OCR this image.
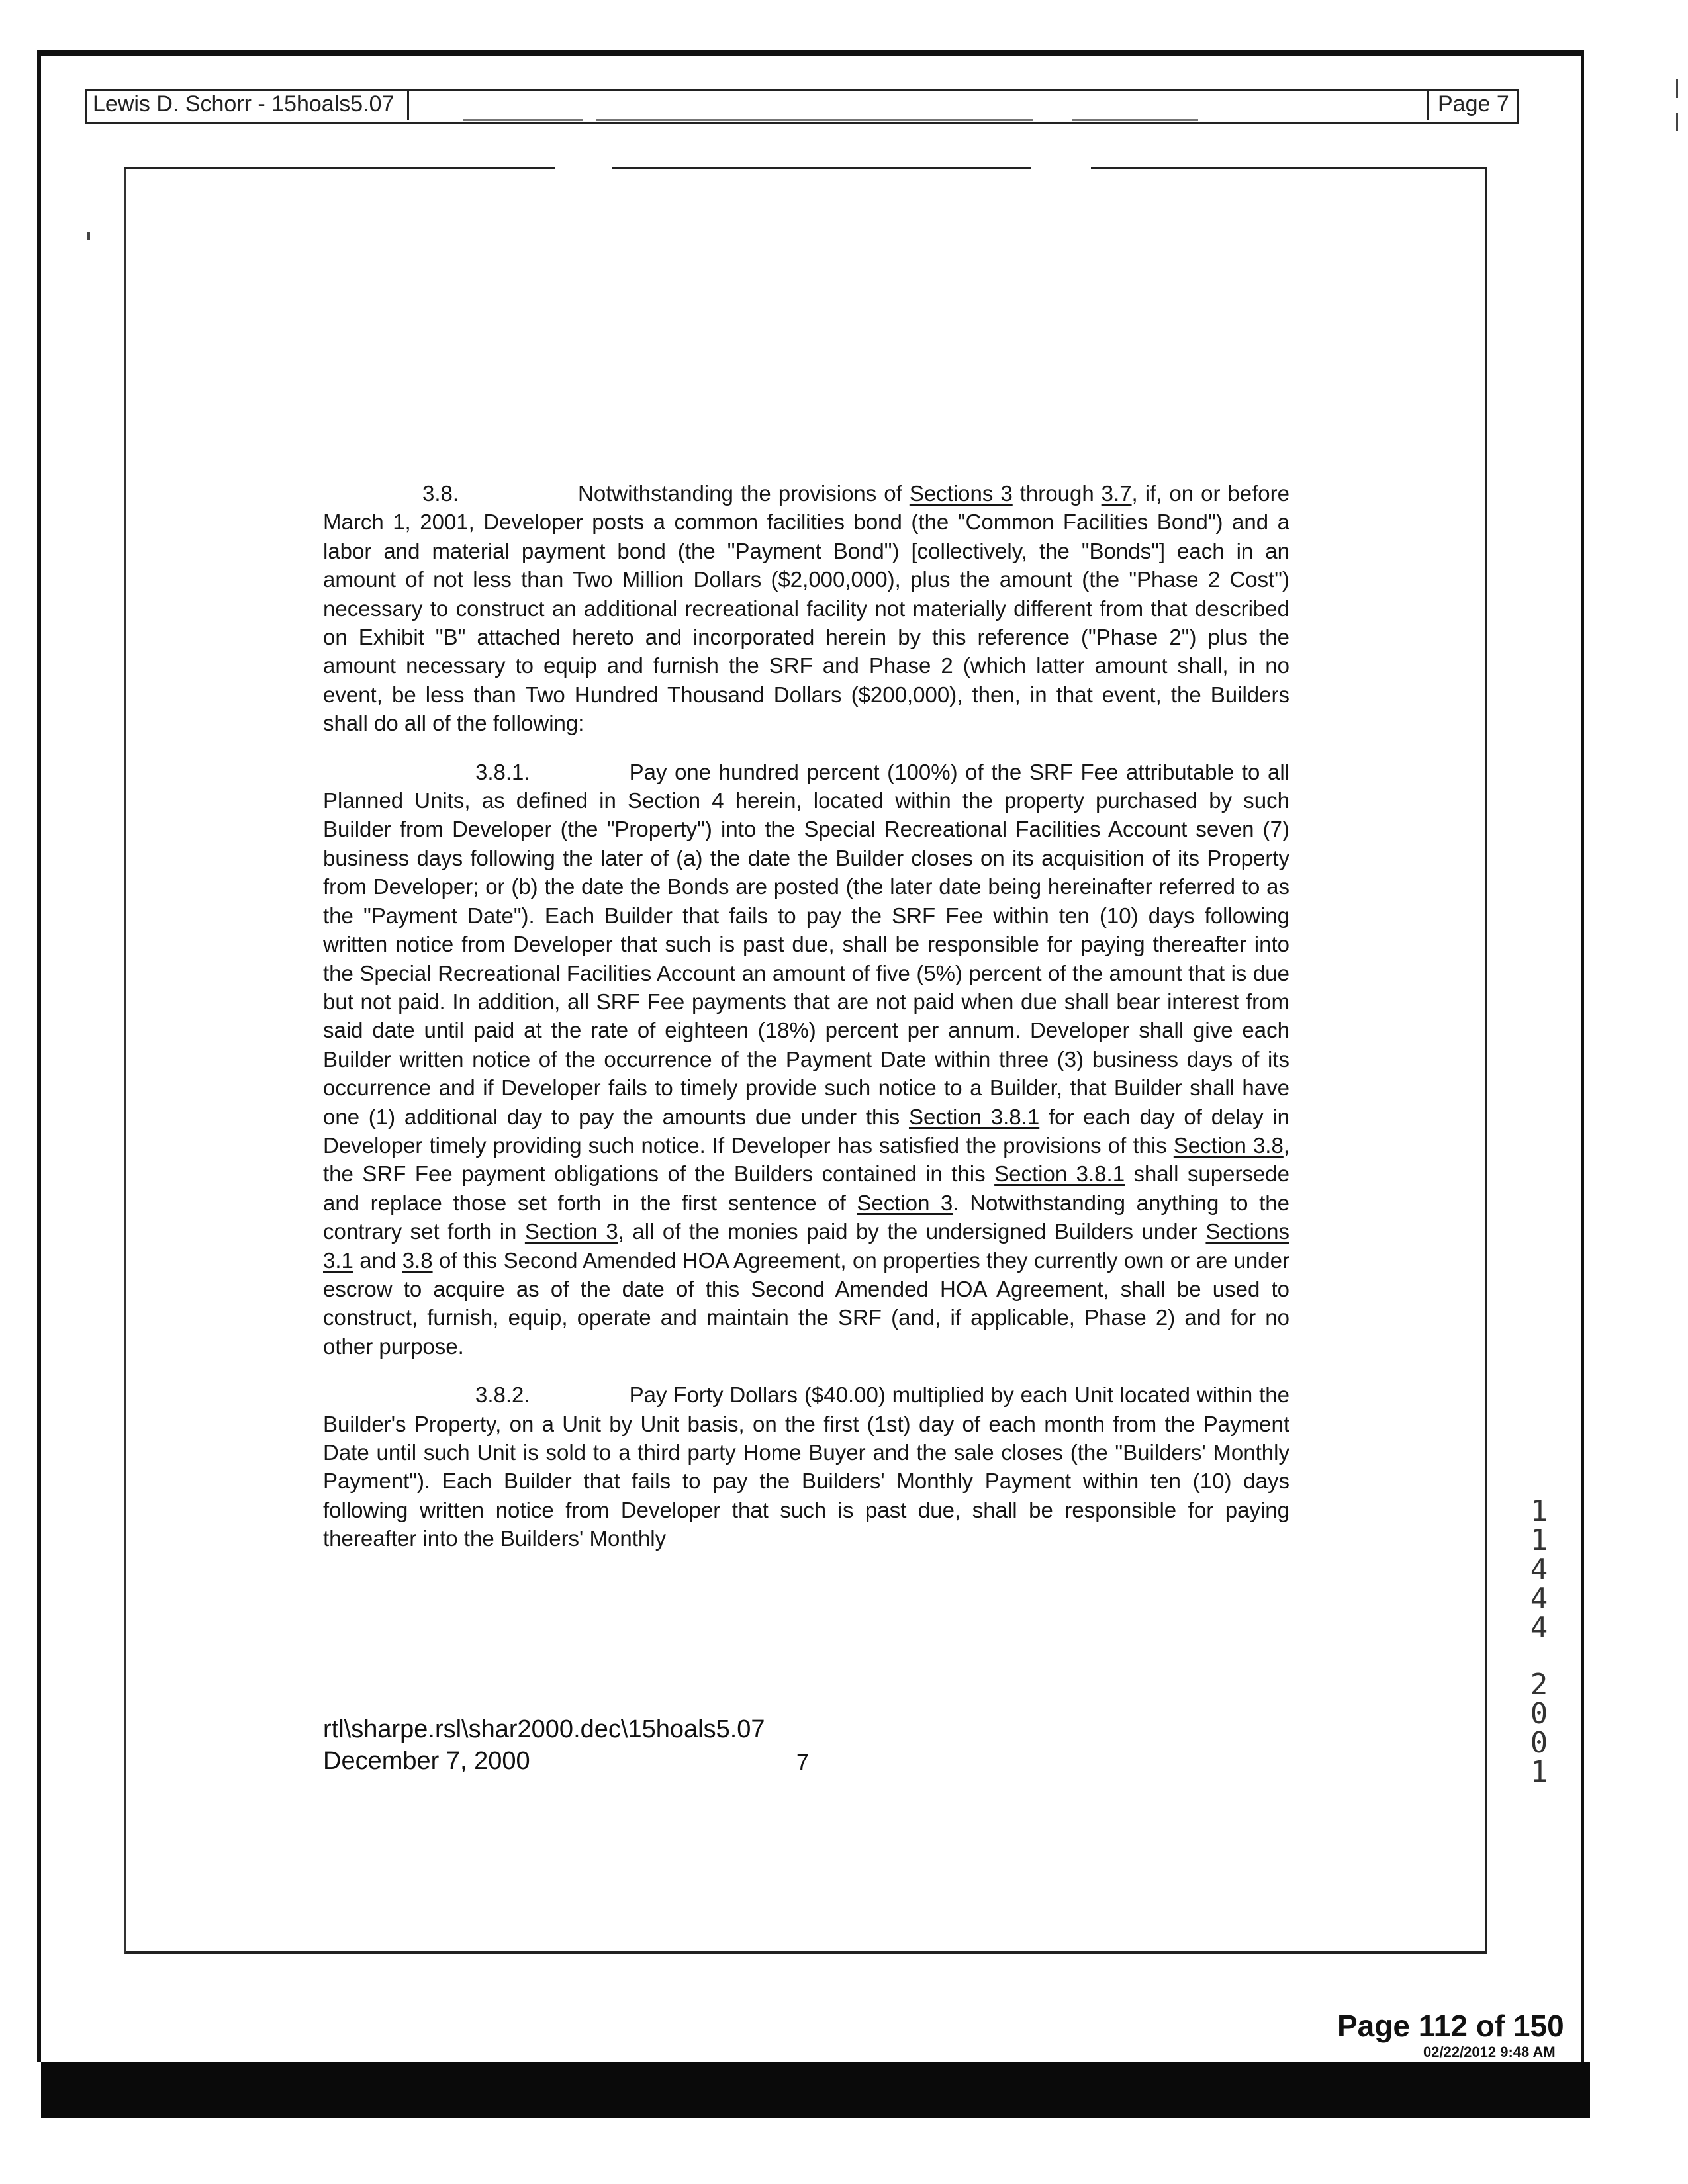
Lewis D. Schorr - 15hoals5.07	Page 7

3.8.	Notwithstanding the provisions of Sections 3 through 3.7, if, on or before March 1, 2001, Developer posts a common facilities bond (the "Common Facilities Bond") and a labor and material payment bond (the "Payment Bond") [collectively, the "Bonds"] each in an amount of not less than Two Million Dollars ($2,000,000), plus the amount (the "Phase 2 Cost") necessary to construct an additional recreational facility not materially different from that described on Exhibit "B" attached hereto and incorporated herein by this reference ("Phase 2") plus the amount necessary to equip and furnish the SRF and Phase 2 (which latter amount shall, in no event, be less than Two Hundred Thousand Dollars ($200,000), then, in that event, the Builders shall do all of the following:

3.8.1.	Pay one hundred percent (100%) of the SRF Fee attributable to all Planned Units, as defined in Section 4 herein, located within the property purchased by such Builder from Developer (the "Property") into the Special Recreational Facilities Account seven (7) business days following the later of (a) the date the Builder closes on its acquisition of its Property from Developer; or (b) the date the Bonds are posted (the later date being hereinafter referred to as the "Payment Date"). Each Builder that fails to pay the SRF Fee within ten (10) days following written notice from Developer that such is past due, shall be responsible for paying thereafter into the Special Recreational Facilities Account an amount of five (5%) percent of the amount that is due but not paid. In addition, all SRF Fee payments that are not paid when due shall bear interest from said date until paid at the rate of eighteen (18%) percent per annum. Developer shall give each Builder written notice of the occurrence of the Payment Date within three (3) business days of its occurrence and if Developer fails to timely provide such notice to a Builder, that Builder shall have one (1) additional day to pay the amounts due under this Section 3.8.1 for each day of delay in Developer timely providing such notice. If Developer has satisfied the provisions of this Section 3.8, the SRF Fee payment obligations of the Builders contained in this Section 3.8.1 shall supersede and replace those set forth in the first sentence of Section 3. Notwithstanding anything to the contrary set forth in Section 3, all of the monies paid by the undersigned Builders under Sections 3.1 and 3.8 of this Second Amended HOA Agreement, on properties they currently own or are under escrow to acquire as of the date of this Second Amended HOA Agreement, shall be used to construct, furnish, equip, operate and maintain the SRF (and, if applicable, Phase 2) and for no other purpose.

3.8.2.	Pay Forty Dollars ($40.00) multiplied by each Unit located within the Builder's Property, on a Unit by Unit basis, on the first (1st) day of each month from the Payment Date until such Unit is sold to a third party Home Buyer and the sale closes (the "Builders' Monthly Payment"). Each Builder that fails to pay the Builders' Monthly Payment within ten (10) days following written notice from Developer that such is past due, shall be responsible for paying thereafter into the Builders' Monthly

rtl\sharpe.rsl\shar2000.dec\15hoals5.07
December 7, 2000	7
1
1
4
4
4
2
0
0
1
Page 112 of 150
02/22/2012 9:48 AM
